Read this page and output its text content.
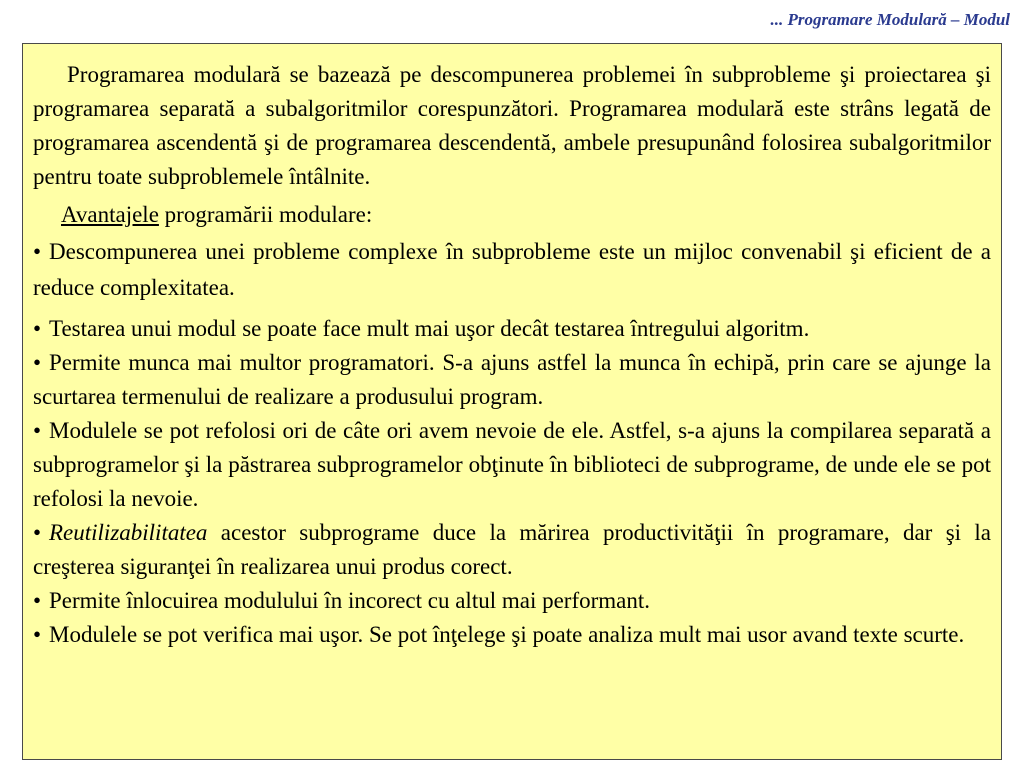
... Programare Modulară – Modul

Programarea modulară se bazează pe descompunerea problemei în subprobleme şi proiectarea şi programarea separată a subalgoritmilor corespunzători. Programarea modulară este strâns legată de programarea ascendentă şi de programarea descendentă, ambele presupunând folosirea subalgoritmilor pentru toate subproblemele întâlnite.

Avantajele programării modulare:

• Descompunerea unei probleme complexe în subprobleme este un mijloc convenabil şi eficient de a reduce complexitatea.

• Testarea unui modul se poate face mult mai uşor decât testarea întregului algoritm.

• Permite munca mai multor programatori. S-a ajuns astfel la munca în echipă, prin care se ajunge la scurtarea termenului de realizare a produsului program.

• Modulele se pot refolosi ori de câte ori avem nevoie de ele. Astfel, s-a ajuns la compilarea separată a subprogramelor şi la păstrarea subprogramelor obţinute în biblioteci de subprograme, de unde ele se pot refolosi la nevoie.

• Reutilizabilitatea acestor subprograme duce la mărirea productivităţii în programare, dar şi la creşterea siguranţei în realizarea unui produs corect.

• Permite înlocuirea modulului în incorect cu altul mai performant.

• Modulele se pot verifica mai uşor. Se pot înţelege şi poate analiza mult mai usor avand texte scurte.
